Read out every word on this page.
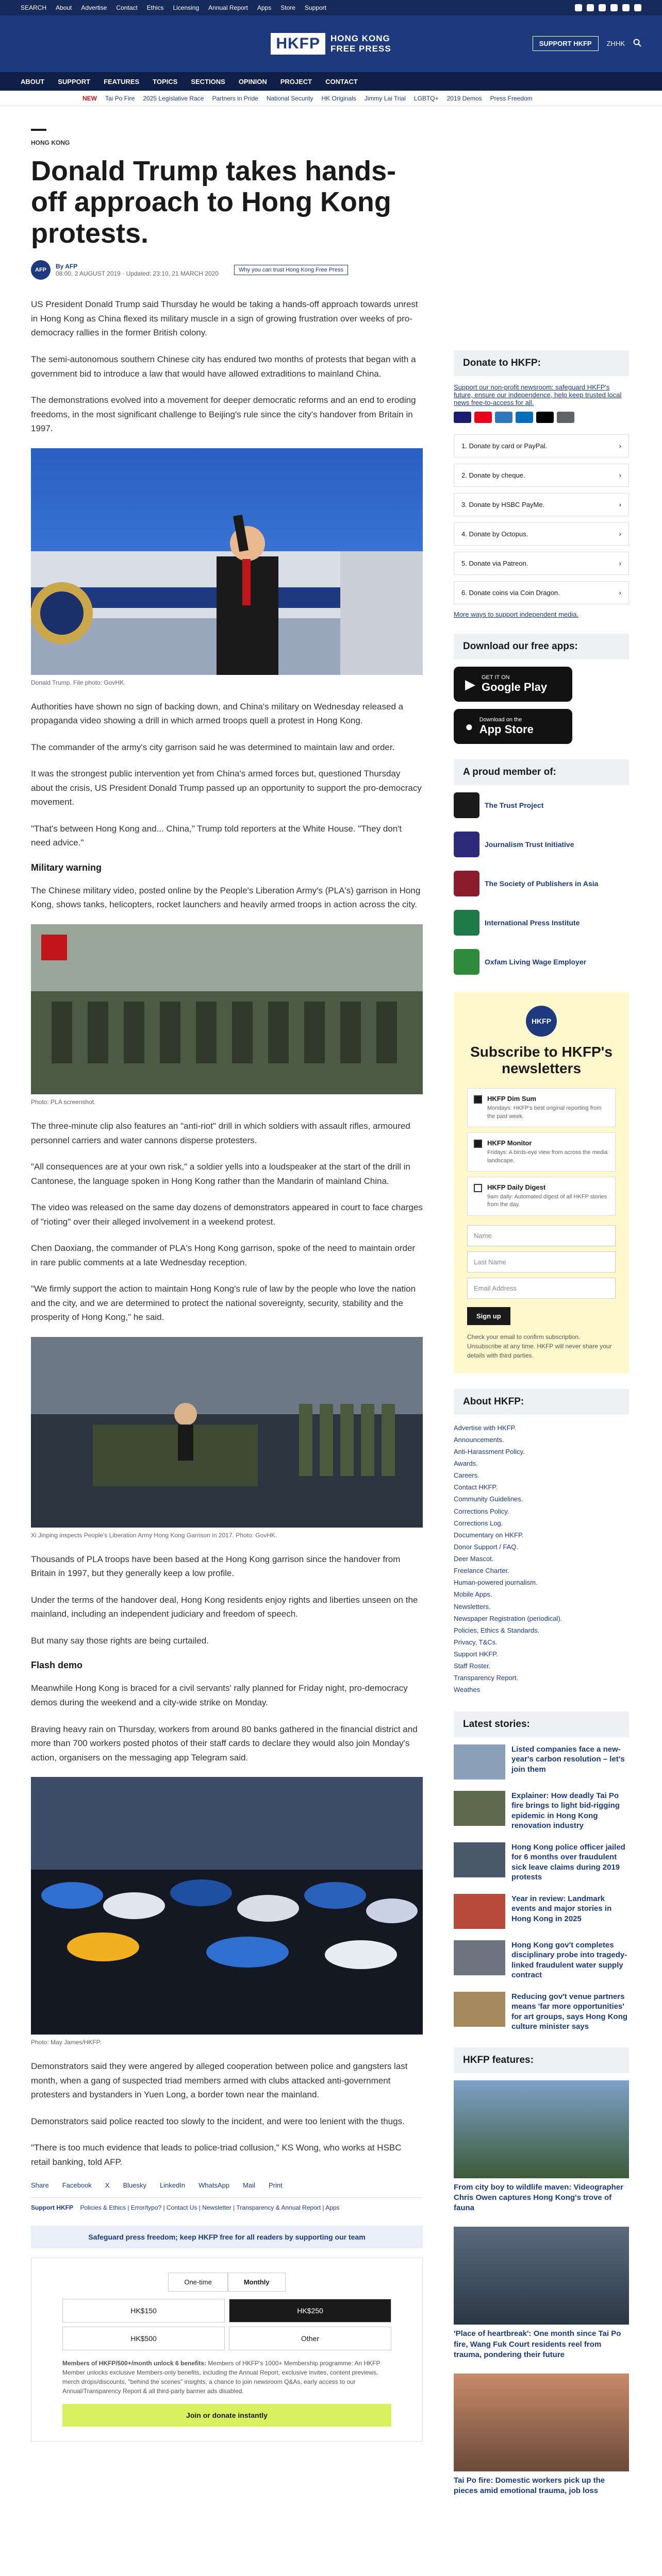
SEARCH About Advertise Contact Ethics Licensing Annual Report Apps Store Support
HKFP	HONG KONG
FREE PRESS
SUPPORT HKFP	ZHHK
ABOUT SUPPORT FEATURES TOPICS SECTIONS OPINION PROJECT CONTACT
NEW Tai Po Fire 2025 Legislative Race Partners in Pride National Security HK Originals Jimmy Lai Trial LGBTQ+ 2019 Demos Press Freedom
HONG KONG
Donald Trump takes hands-off approach to Hong Kong protests.
AFP	By AFP
08:00, 2 AUGUST 2019 · Updated: 23:10, 21 MARCH 2020	Why you can trust Hong Kong Free Press

US President Donald Trump said Thursday he would be taking a hands-off approach towards unrest in Hong Kong as China flexed its military muscle in a sign of growing frustration over weeks of pro-democracy rallies in the former British colony.

The semi-autonomous southern Chinese city has endured two months of protests that began with a government bid to introduce a law that would have allowed extraditions to mainland China.

The demonstrations evolved into a movement for deeper democratic reforms and an end to eroding freedoms, in the most significant challenge to Beijing's rule since the city's handover from Britain in 1997.

Donald Trump. File photo: GovHK.

Authorities have shown no sign of backing down, and China's military on Wednesday released a propaganda video showing a drill in which armed troops quell a protest in Hong Kong.

The commander of the army's city garrison said he was determined to maintain law and order.

It was the strongest public intervention yet from China's armed forces but, questioned Thursday about the crisis, US President Donald Trump passed up an opportunity to support the pro-democracy movement.

"That's between Hong Kong and... China," Trump told reporters at the White House. "They don't need advice."

Military warning

The Chinese military video, posted online by the People's Liberation Army's (PLA's) garrison in Hong Kong, shows tanks, helicopters, rocket launchers and heavily armed troops in action across the city.

Photo: PLA screenshot.

The three-minute clip also features an "anti-riot" drill in which soldiers with assault rifles, armoured personnel carriers and water cannons disperse protesters.

"All consequences are at your own risk," a soldier yells into a loudspeaker at the start of the drill in Cantonese, the language spoken in Hong Kong rather than the Mandarin of mainland China.

The video was released on the same day dozens of demonstrators appeared in court to face charges of "rioting" over their alleged involvement in a weekend protest.

Chen Daoxiang, the commander of PLA's Hong Kong garrison, spoke of the need to maintain order in rare public comments at a late Wednesday reception.

"We firmly support the action to maintain Hong Kong's rule of law by the people who love the nation and the city, and we are determined to protect the national sovereignty, security, stability and the prosperity of Hong Kong," he said.

Xi Jinping inspects People's Liberation Army Hong Kong Garrison in 2017. Photo: GovHK.

Thousands of PLA troops have been based at the Hong Kong garrison since the handover from Britain in 1997, but they generally keep a low profile.

Under the terms of the handover deal, Hong Kong residents enjoy rights and liberties unseen on the mainland, including an independent judiciary and freedom of speech.

But many say those rights are being curtailed.

Flash demo

Meanwhile Hong Kong is braced for a civil servants' rally planned for Friday night, pro-democracy demos during the weekend and a city-wide strike on Monday.

Braving heavy rain on Thursday, workers from around 80 banks gathered in the financial district and more than 700 workers posted photos of their staff cards to declare they would also join Monday's action, organisers on the messaging app Telegram said.

Photo: May James/HKFP.

Demonstrators said they were angered by alleged cooperation between police and gangsters last month, when a gang of suspected triad members armed with clubs attacked anti-government protesters and bystanders in Yuen Long, a border town near the mainland.

Demonstrators said police reacted too slowly to the incident, and were too lenient with the thugs.

"There is too much evidence that leads to police-triad collusion," KS Wong, who works at HSBC retail banking, told AFP.

Share Facebook X Bluesky LinkedIn WhatsApp Mail Print
Support HKFP Policies & Ethics | Error/typo? | Contact Us | Newsletter | Transparency & Annual Report | Apps
Safeguard press freedom; keep HKFP free for all readers by supporting our team
One-time	Monthly
HK$150	HK$250
HK$500	Other
Members of HKFP/500+/month unlock 6 benefits: Members of HKFP's 1000+ Membership programme: An HKFP Member unlocks exclusive Members-only benefits, including the Annual Report, exclusive invites, content previews, merch drops/discounts, "behind the scenes" insights, a chance to join newsroom Q&As, early access to our Annual/Transparency Report & all third-party banner ads disabled.
Join or donate instantly
Donate to HKFP:

Support our non-profit newsroom: safeguard HKFP's future, ensure our independence, help keep trusted local news free-to-access for all.

1. Donate by card or PayPal.	›
2. Donate by cheque.	›
3. Donate by HSBC PayMe.	›
4. Donate by Octopus.	›
5. Donate via Patreon.	›
6. Donate coins via Coin Dragon.	›

More ways to support independent media.

Download our free apps:
▶ GET IT ON
Google Play
● Download on the
App Store
A proud member of:
The Trust Project
Journalism Trust Initiative
The Society of Publishers in Asia
International Press Institute
Oxfam Living Wage Employer
HKFP
Subscribe to HKFP's newsletters
HKFP Dim Sum
Mondays: HKFP's best original reporting from the past week.
HKFP Monitor
Fridays: A birds-eye view from across the media landscape.
HKFP Daily Digest
9am daily: Automated digest of all HKFP stories from the day.
Name
Last Name
Email Address
Sign up
Check your email to confirm subscription. Unsubscribe at any time. HKFP will never share your details with third parties.
About HKFP:
Advertise with HKFP.
Announcements.
Anti-Harassment Policy.
Awards.
Careers.
Contact HKFP.
Community Guidelines.
Corrections Policy.
Corrections Log.
Documentary on HKFP.
Donor Support / FAQ.
Deer Mascot.
Freelance Charter.
Human-powered journalism.
Mobile Apps.
Newsletters.
Newspaper Registration (periodical).
Policies, Ethics & Standards.
Privacy, T&Cs.
Support HKFP.
Staff Roster.
Transparency Report.
Weathes
Latest stories:
Listed companies face a new-year's carbon resolution – let's join them
Explainer: How deadly Tai Po fire brings to light bid-rigging epidemic in Hong Kong renovation industry
Hong Kong police officer jailed for 6 months over fraudulent sick leave claims during 2019 protests
Year in review: Landmark events and major stories in Hong Kong in 2025
Hong Kong gov't completes disciplinary probe into tragedy-linked fraudulent water supply contract
Reducing gov't venue partners means 'far more opportunities' for art groups, says Hong Kong culture minister says
HKFP features:
From city boy to wildlife maven: Videographer Chris Owen captures Hong Kong's trove of fauna
'Place of heartbreak': One month since Tai Po fire, Wang Fuk Court residents reel from trauma, pondering their future
Tai Po fire: Domestic workers pick up the pieces amid emotional trauma, job loss
